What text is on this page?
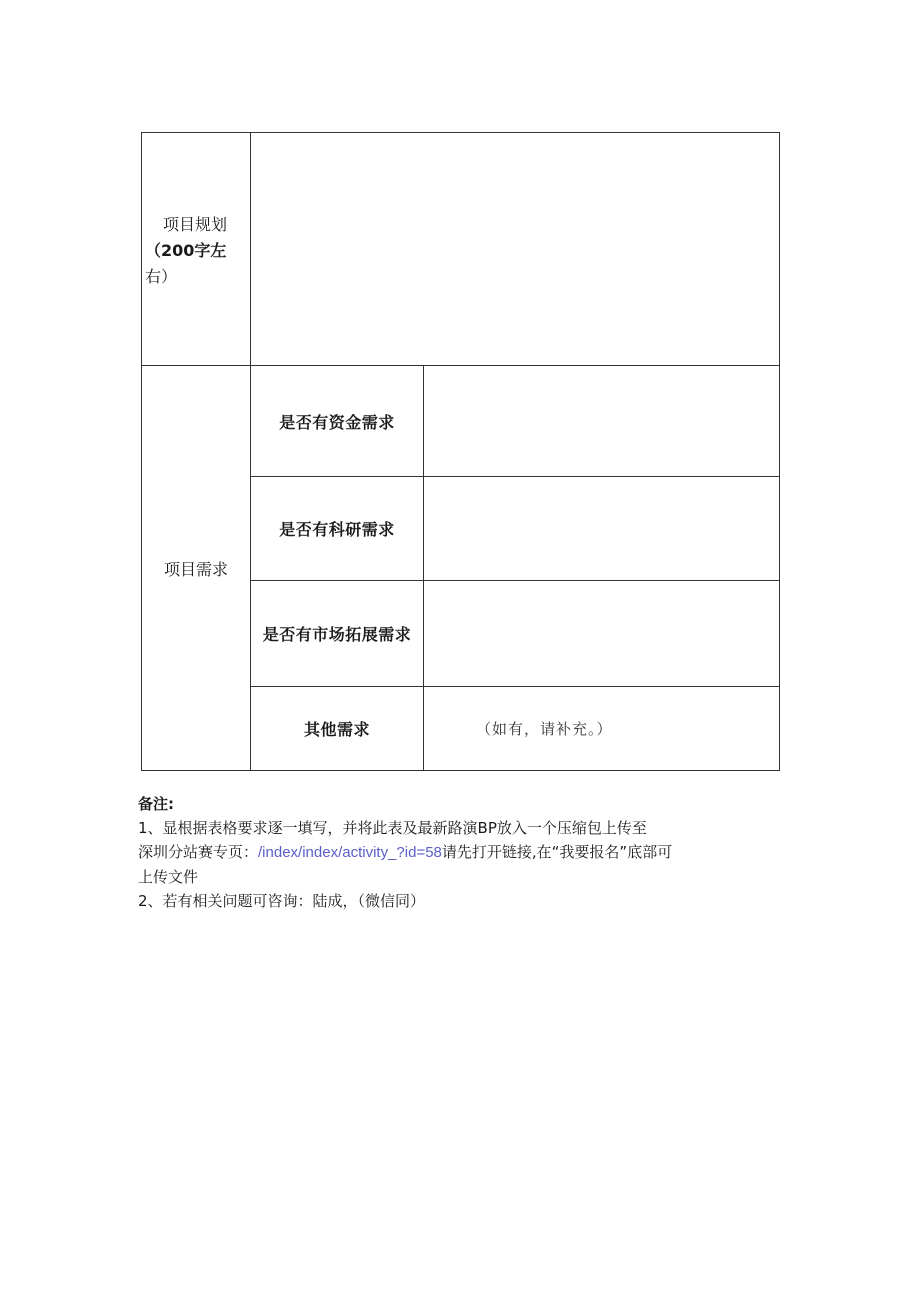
项目规划
（200字左
右）		

项目需求	是否有资金需求	
	是否有科研需求	
	是否有市场拓展需求	
	其他需求	（如有，请补充。）
备注:
1、显根据表格要求逐一填写，并将此表及最新路演BP放入一个压缩包上传至
深圳分站赛专页：/index/index/activity_?id=58请先打开链接,在“我要报名”底部可
上传文件
2、若有相关问题可咨询：陆成，（微信同）
